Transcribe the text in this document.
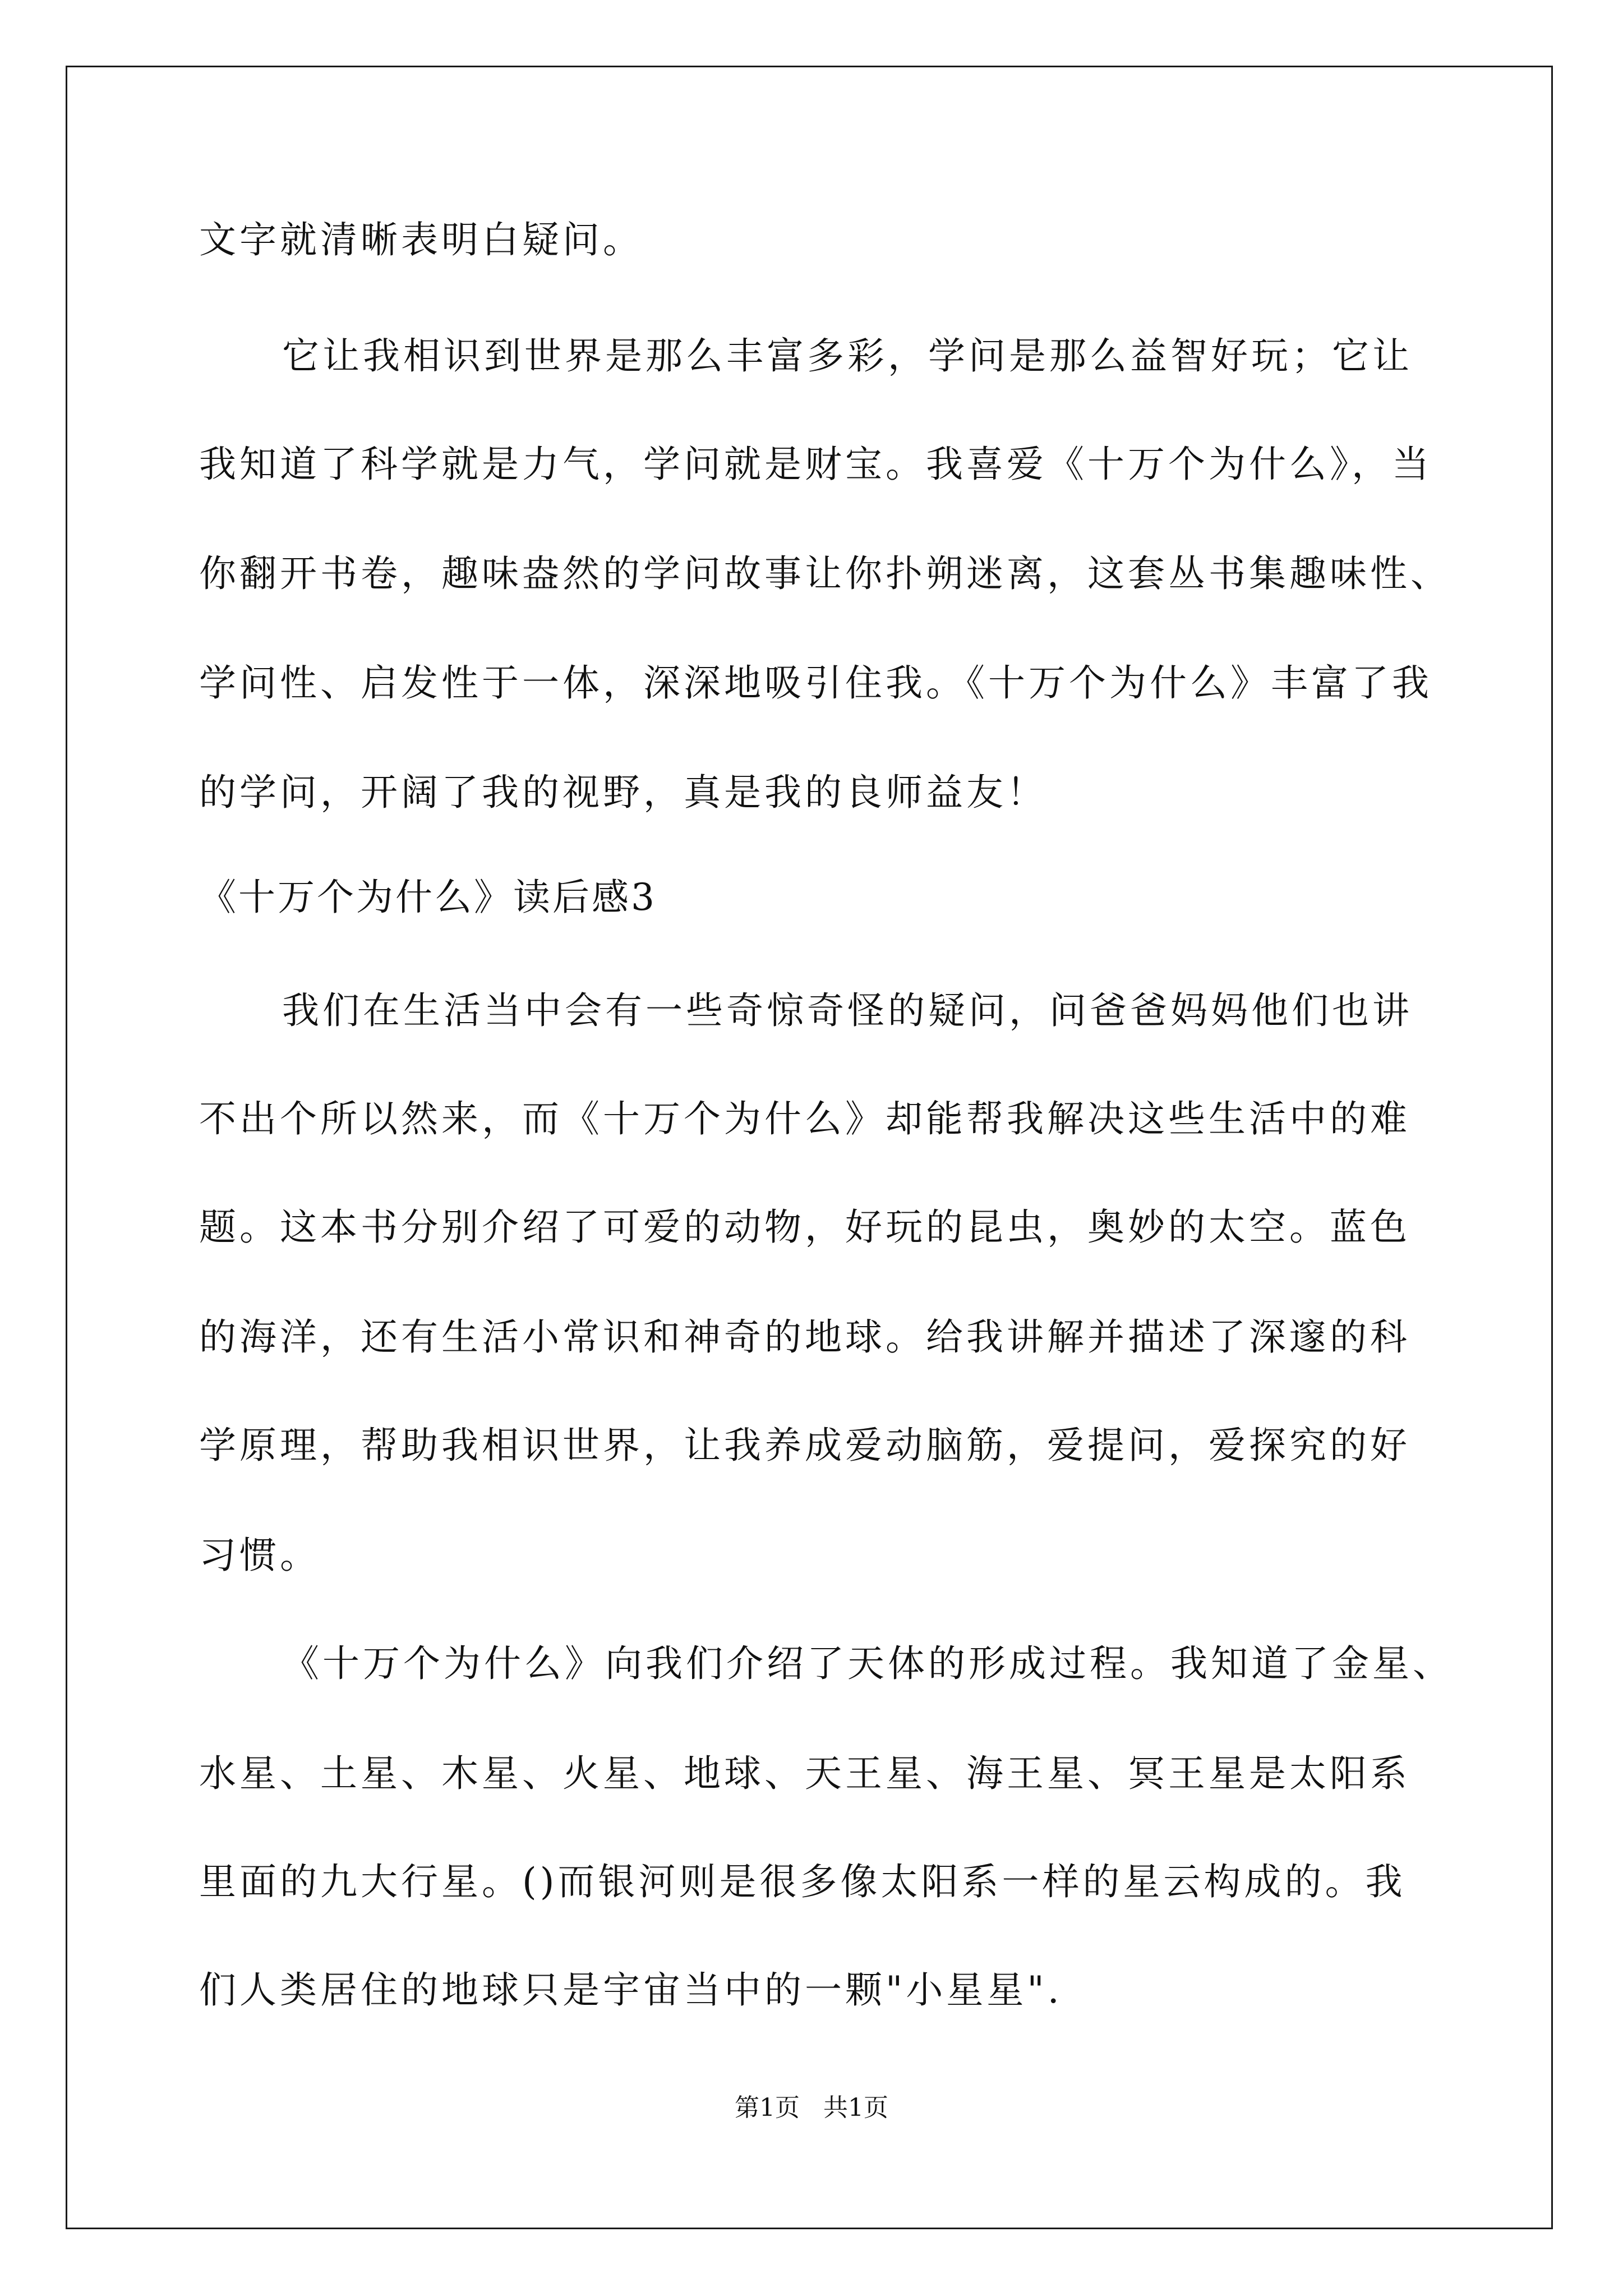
文字就清晰表明白疑问。
它让我相识到世界是那么丰富多彩，学问是那么益智好玩；它让
我知道了科学就是力气，学问就是财宝。我喜爱《十万个为什么》，当
你翻开书卷，趣味盎然的学问故事让你扑朔迷离，这套丛书集趣味性、
学问性、启发性于一体，深深地吸引住我。《十万个为什么》丰富了我
的学问，开阔了我的视野，真是我的良师益友！
《十万个为什么》读后感3
我们在生活当中会有一些奇惊奇怪的疑问，问爸爸妈妈他们也讲
不出个所以然来，而《十万个为什么》却能帮我解决这些生活中的难
题。这本书分别介绍了可爱的动物，好玩的昆虫，奥妙的太空。蓝色
的海洋，还有生活小常识和神奇的地球。给我讲解并描述了深邃的科
学原理，帮助我相识世界，让我养成爱动脑筋，爱提问，爱探究的好
习惯。
《十万个为什么》向我们介绍了天体的形成过程。我知道了金星、
水星、土星、木星、火星、地球、天王星、海王星、冥王星是太阳系
里面的九大行星。()而银河则是很多像太阳系一样的星云构成的。我
们人类居住的地球只是宇宙当中的一颗"小星星".
第1页   共1页
